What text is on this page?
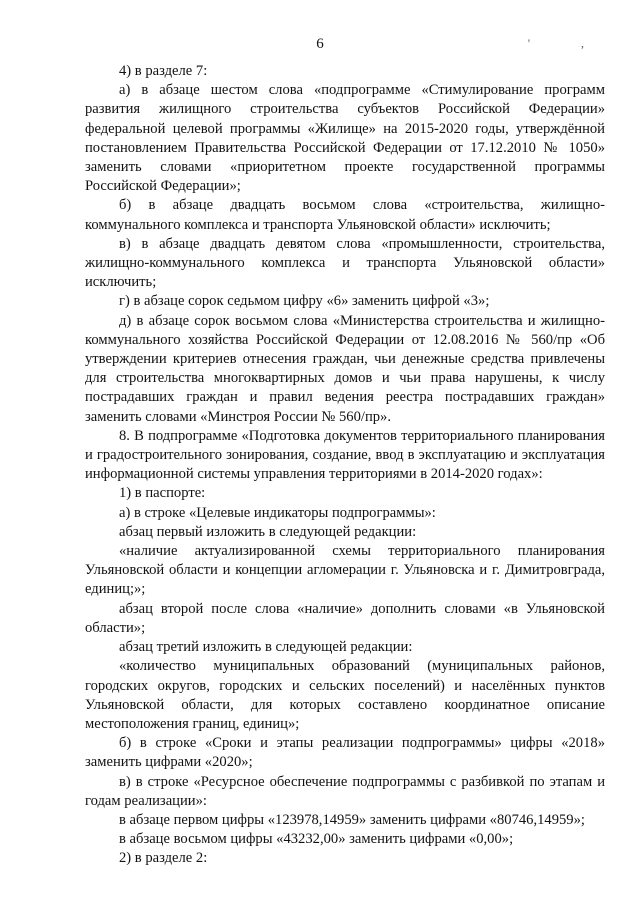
6	' ,

4) в разделе 7:

а) в абзаце шестом слова «подпрограмме «Стимулирование программ развития жилищного строительства субъектов Российской Федерации» федеральной целевой программы «Жилище» на 2015-2020 годы, утверждённой постановлением Правительства Российской Федерации от 17.12.2010 № 1050» заменить словами «приоритетном проекте государственной программы Российской Федерации»;

б) в абзаце двадцать восьмом слова «строительства, жилищно-коммунального комплекса и транспорта Ульяновской области» исключить;

в) в абзаце двадцать девятом слова «промышленности, строительства, жилищно-коммунального комплекса и транспорта Ульяновской области» исключить;

г) в абзаце сорок седьмом цифру «6» заменить цифрой «3»;

д) в абзаце сорок восьмом слова «Министерства строительства и жилищно-коммунального хозяйства Российской Федерации от 12.08.2016 № 560/пр «Об утверждении критериев отнесения граждан, чьи денежные средства привлечены для строительства многоквартирных домов и чьи права нарушены, к числу пострадавших граждан и правил ведения реестра пострадавших граждан» заменить словами «Минстроя России № 560/пр».

8. В подпрограмме «Подготовка документов территориального планирования и градостроительного зонирования, создание, ввод в эксплуатацию и эксплуатация информационной системы управления территориями в 2014-2020 годах»:

1) в паспорте:

а) в строке «Целевые индикаторы подпрограммы»:

абзац первый изложить в следующей редакции:

«наличие актуализированной схемы территориального планирования Ульяновской области и концепции агломерации г. Ульяновска и г. Димитровграда, единиц;»;

абзац второй после слова «наличие» дополнить словами «в Ульяновской области»;

абзац третий изложить в следующей редакции:

«количество муниципальных образований (муниципальных районов, городских округов, городских и сельских поселений) и населённых пунктов Ульяновской области, для которых составлено координатное описание местоположения границ, единиц»;

б) в строке «Сроки и этапы реализации подпрограммы» цифры «2018» заменить цифрами «2020»;

в) в строке «Ресурсное обеспечение подпрограммы с разбивкой по этапам и годам реализации»:

в абзаце первом цифры «123978,14959» заменить цифрами «80746,14959»;

в абзаце восьмом цифры «43232,00» заменить цифрами «0,00»;

2) в разделе 2:
